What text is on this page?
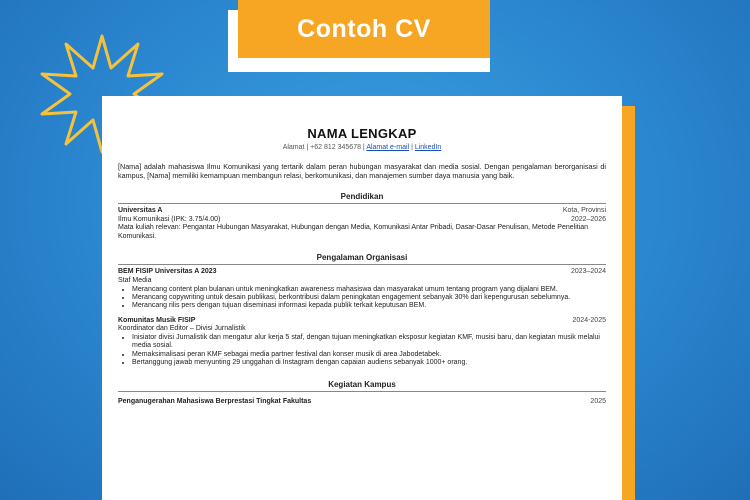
Contoh CV
NAMA LENGKAP
Alamat | +62 812 345678 | Alamat e-mail | LinkedIn

[Nama] adalah mahasiswa Ilmu Komunikasi yang tertarik dalam peran hubungan masyarakat dan media sosial. Dengan pengalaman berorganisasi di kampus, [Nama] memiliki kemampuan membangun relasi, berkomunikasi, dan manajemen sumber daya manusia yang baik.

Pendidikan
Universitas A	Kota, Provinsi
Ilmu Komunikasi (IPK: 3.75/4.00)	2022–2026
Mata kuliah relevan: Pengantar Hubungan Masyarakat, Hubungan dengan Media, Komunikasi Antar Pribadi, Dasar-Dasar Penulisan, Metode Penelitian Komunikasi.
Pengalaman Organisasi
BEM FISIP Universitas A 2023	2023–2024
Staf Media
• Merancang content plan bulanan untuk meningkatkan awareness mahasiswa dan masyarakat umum tentang program yang dijalani BEM.
• Merancang copywriting untuk desain publikasi, berkontribusi dalam peningkatan engagement sebanyak 30% dari kepengurusan sebelumnya.
• Merancang rilis pers dengan tujuan diseminasi informasi kepada publik terkait keputusan BEM.
Komunitas Musik FISIP	2024-2025
Koordinator dan Editor – Divisi Jurnalistik
• Inisiator divisi Jurnalistik dan mengatur alur kerja 5 staf, dengan tujuan meningkatkan eksposur kegiatan KMF, musisi baru, dan kegiatan musik melalui media sosial.
• Memaksimalisasi peran KMF sebagai media partner festival dan konser musik di area Jabodetabek.
• Bertanggung jawab menyunting 29 unggahan di Instagram dengan capaian audiens sebanyak 1000+ orang.
Kegiatan Kampus
Penganugerahan Mahasiswa Berprestasi Tingkat Fakultas	2025
